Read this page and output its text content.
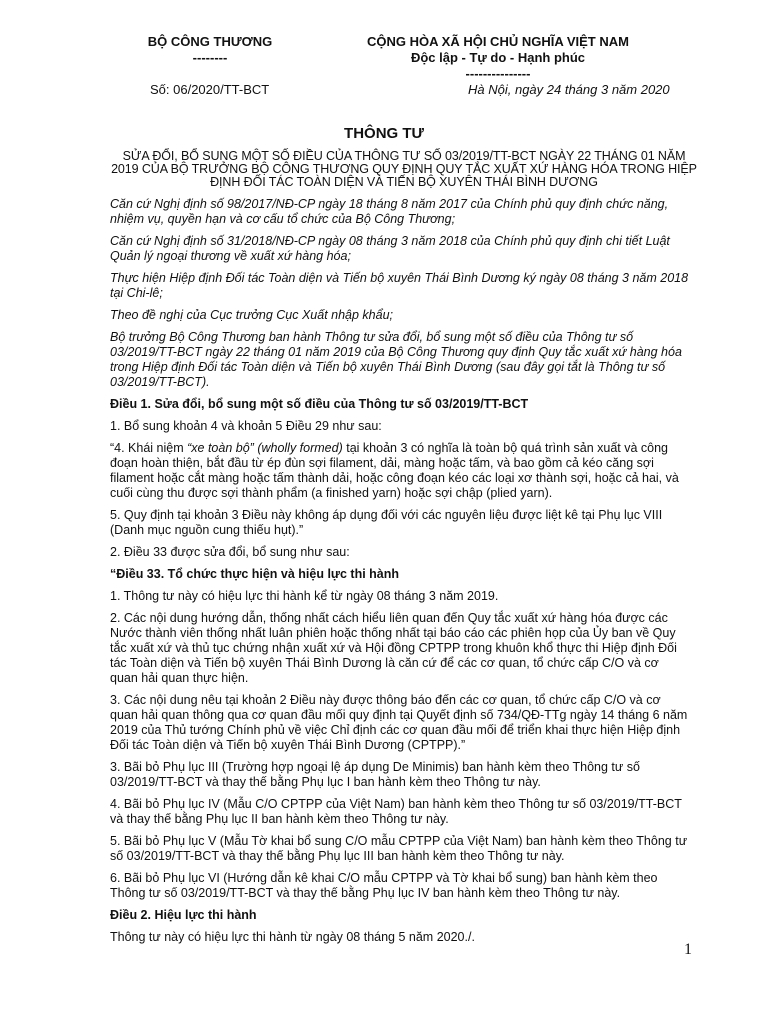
BỘ CÔNG THƯƠNG
--------
CỘNG HÒA XÃ HỘI CHỦ NGHĨA VIỆT NAM
Độc lập - Tự do - Hạnh phúc
---------------
Số: 06/2020/TT-BCT	Hà Nội, ngày 24 tháng 3 năm 2020
THÔNG TƯ
SỬA ĐỔI, BỔ SUNG MỘT SỐ ĐIỀU CỦA THÔNG TƯ SỐ 03/2019/TT-BCT NGÀY 22 THÁNG 01 NĂM 2019 CỦA BỘ TRƯỞNG BỘ CÔNG THƯƠNG QUY ĐỊNH QUY TẮC XUẤT XỨ HÀNG HÓA TRONG HIỆP ĐỊNH ĐỐI TÁC TOÀN DIỆN VÀ TIẾN BỘ XUYÊN THÁI BÌNH DƯƠNG

Căn cứ Nghị định số 98/2017/NĐ-CP ngày 18 tháng 8 năm 2017 của Chính phủ quy định chức năng, nhiệm vụ, quyền hạn và cơ cấu tổ chức của Bộ Công Thương;

Căn cứ Nghị định số 31/2018/NĐ-CP ngày 08 tháng 3 năm 2018 của Chính phủ quy định chi tiết Luật Quản lý ngoại thương về xuất xứ hàng hóa;

Thực hiện Hiệp định Đối tác Toàn diện và Tiến bộ xuyên Thái Bình Dương ký ngày 08 tháng 3 năm 2018 tại Chi-lê;

Theo đề nghị của Cục trưởng Cục Xuất nhập khẩu;

Bộ trưởng Bộ Công Thương ban hành Thông tư sửa đổi, bổ sung một số điều của Thông tư số 03/2019/TT-BCT ngày 22 tháng 01 năm 2019 của Bộ Công Thương quy định Quy tắc xuất xứ hàng hóa trong Hiệp định Đối tác Toàn diện và Tiến bộ xuyên Thái Bình Dương (sau đây gọi tắt là Thông tư số 03/2019/TT-BCT).

Điều 1. Sửa đổi, bổ sung một số điều của Thông tư số 03/2019/TT-BCT

1. Bổ sung khoản 4 và khoản 5 Điều 29 như sau:

“4. Khái niệm “xe toàn bộ” (wholly formed) tại khoản 3 có nghĩa là toàn bộ quá trình sản xuất và công đoạn hoàn thiện, bắt đầu từ ép đùn sợi filament, dải, màng hoặc tấm, và bao gồm cả kéo căng sợi filament hoặc cắt màng hoặc tấm thành dải, hoặc công đoạn kéo các loại xơ thành sợi, hoặc cả hai, và cuối cùng thu được sợi thành phẩm (a finished yarn) hoặc sợi chập (plied yarn).

5. Quy định tại khoản 3 Điều này không áp dụng đối với các nguyên liệu được liệt kê tại Phụ lục VIII (Danh mục nguồn cung thiếu hụt).”

2. Điều 33 được sửa đổi, bổ sung như sau:

“Điều 33. Tổ chức thực hiện và hiệu lực thi hành

1. Thông tư này có hiệu lực thi hành kể từ ngày 08 tháng 3 năm 2019.

2. Các nội dung hướng dẫn, thống nhất cách hiểu liên quan đến Quy tắc xuất xứ hàng hóa được các Nước thành viên thống nhất luân phiên hoặc thống nhất tại báo cáo các phiên họp của Ủy ban về Quy tắc xuất xứ và thủ tục chứng nhận xuất xứ và Hội đồng CPTPP trong khuôn khổ thực thi Hiệp định Đối tác Toàn diện và Tiến bộ xuyên Thái Bình Dương là căn cứ để các cơ quan, tổ chức cấp C/O và cơ quan hải quan thực hiện.

3. Các nội dung nêu tại khoản 2 Điều này được thông báo đến các cơ quan, tổ chức cấp C/O và cơ quan hải quan thông qua cơ quan đầu mối quy định tại Quyết định số 734/QĐ-TTg ngày 14 tháng 6 năm 2019 của Thủ tướng Chính phủ về việc Chỉ định các cơ quan đầu mối để triển khai thực hiện Hiệp định Đối tác Toàn diện và Tiến bộ xuyên Thái Bình Dương (CPTPP).”

3. Bãi bỏ Phụ lục III (Trường hợp ngoại lệ áp dụng De Minimis) ban hành kèm theo Thông tư số 03/2019/TT-BCT và thay thế bằng Phụ lục I ban hành kèm theo Thông tư này.

4. Bãi bỏ Phụ lục IV (Mẫu C/O CPTPP của Việt Nam) ban hành kèm theo Thông tư số 03/2019/TT-BCT và thay thế bằng Phụ lục II ban hành kèm theo Thông tư này.

5. Bãi bỏ Phụ lục V (Mẫu Tờ khai bổ sung C/O mẫu CPTPP của Việt Nam) ban hành kèm theo Thông tư số 03/2019/TT-BCT và thay thế bằng Phụ lục III ban hành kèm theo Thông tư này.

6. Bãi bỏ Phụ lục VI (Hướng dẫn kê khai C/O mẫu CPTPP và Tờ khai bổ sung) ban hành kèm theo Thông tư số 03/2019/TT-BCT và thay thế bằng Phụ lục IV ban hành kèm theo Thông tư này.

Điều 2. Hiệu lực thi hành

Thông tư này có hiệu lực thi hành từ ngày 08 tháng 5 năm 2020./.

1
